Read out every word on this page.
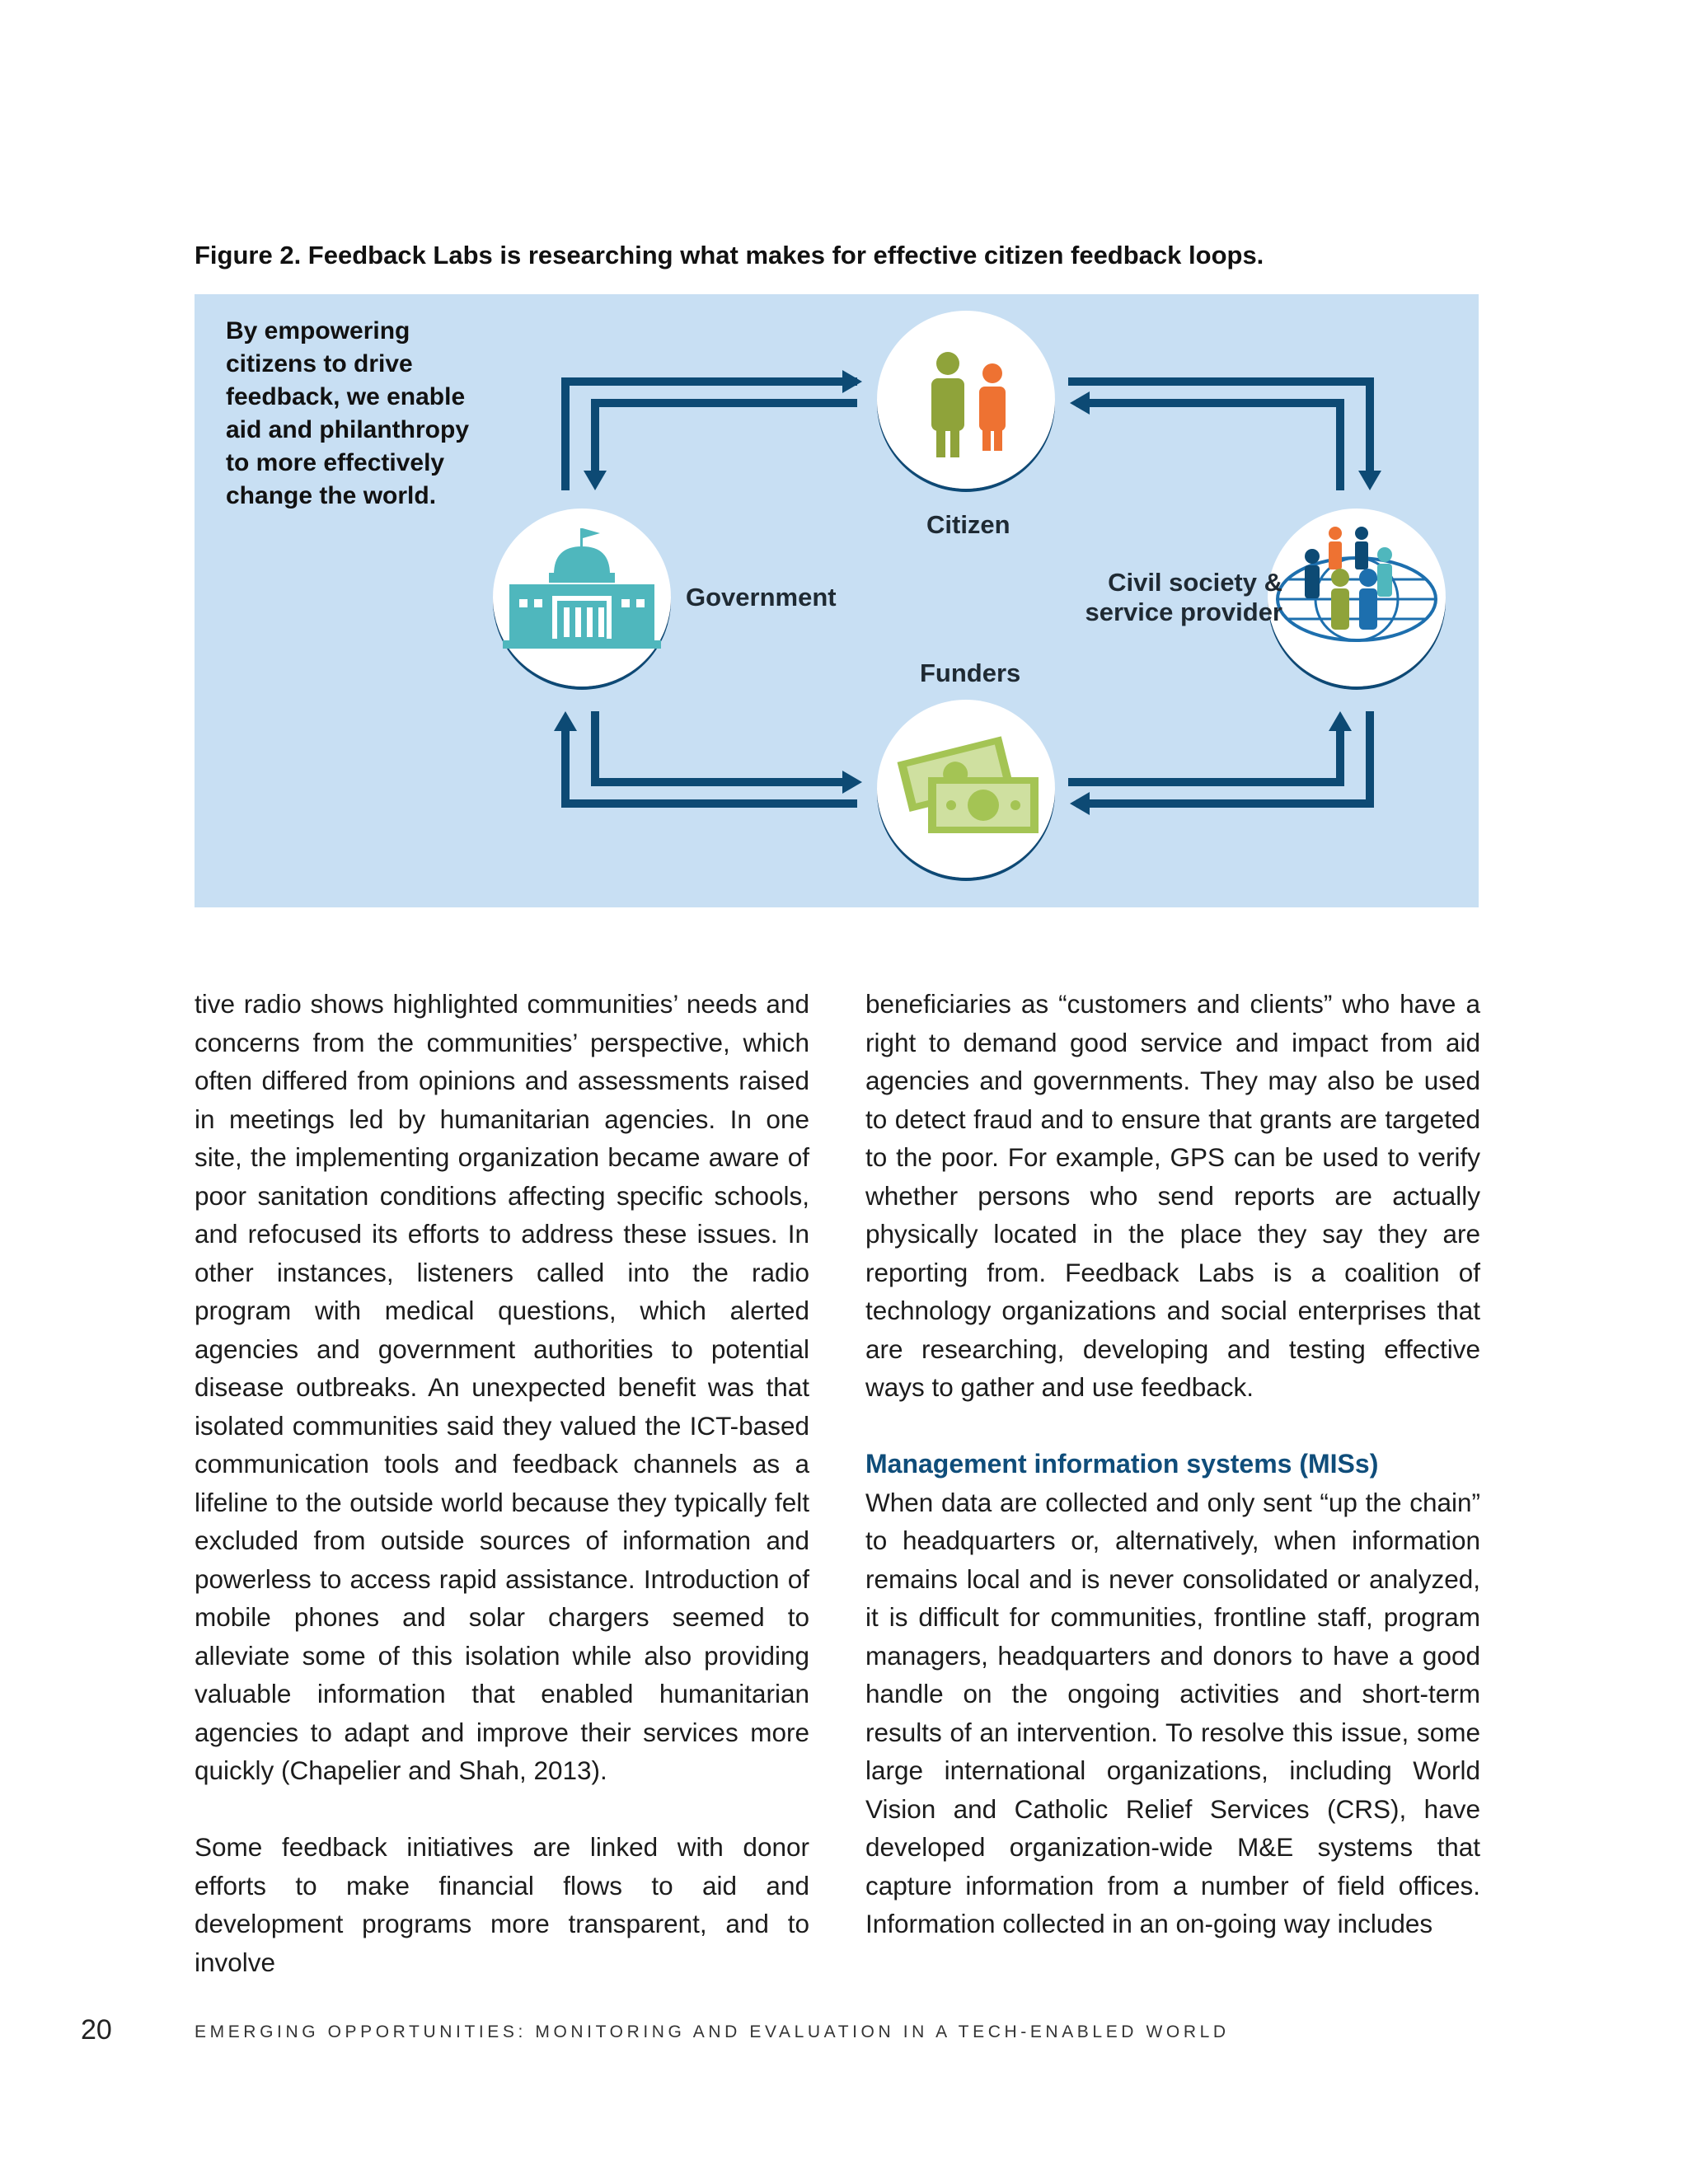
Figure 2. Feedback Labs is researching what makes for effective citizen feedback loops.
By empowering
citizens to drive
feedback, we enable
aid and philanthropy
to more effectively
change the world.
Citizen
Government
Civil society &
service provider
Funders

tive radio shows highlighted communities’ needs and concerns from the communities’ perspective, which often differed from opinions and assessments raised in meetings led by humanitarian agencies. In one site, the implementing organization became aware of poor sanitation conditions affecting specific schools, and refocused its efforts to address these issues. In other instances, listeners called into the radio program with medical questions, which alerted agencies and government authorities to potential disease outbreaks. An unexpected benefit was that isolated communities said they valued the ICT-based communication tools and feedback channels as a lifeline to the outside world because they typically felt excluded from outside sources of information and powerless to access rapid assistance. Introduction of mobile phones and solar chargers seemed to alleviate some of this isolation while also providing valuable information that enabled humanitarian agencies to adapt and improve their services more quickly (Chapelier and Shah, 2013).

Some feedback initiatives are linked with donor efforts to make financial flows to aid and development programs more transparent, and to involve

beneficiaries as “customers and clients” who have a right to demand good service and impact from aid agencies and governments. They may also be used to detect fraud and to ensure that grants are targeted to the poor. For example, GPS can be used to verify whether persons who send reports are actually physically located in the place they say they are reporting from. Feedback Labs is a coalition of technology organizations and social enterprises that are researching, developing and testing effective ways to gather and use feedback.

Management information systems (MISs)

When data are collected and only sent “up the chain” to headquarters or, alternatively, when information remains local and is never consolidated or analyzed, it is difficult for communities, frontline staff, program managers, headquarters and donors to have a good handle on the ongoing activities and short-term results of an intervention. To resolve this issue, some large international organizations, including World Vision and Catholic Relief Services (CRS), have developed organization-wide M&E systems that capture information from a number of field offices. Information collected in an on-going way includes

20	EMERGING OPPORTUNITIES: MONITORING AND EVALUATION IN A TECH-ENABLED WORLD
